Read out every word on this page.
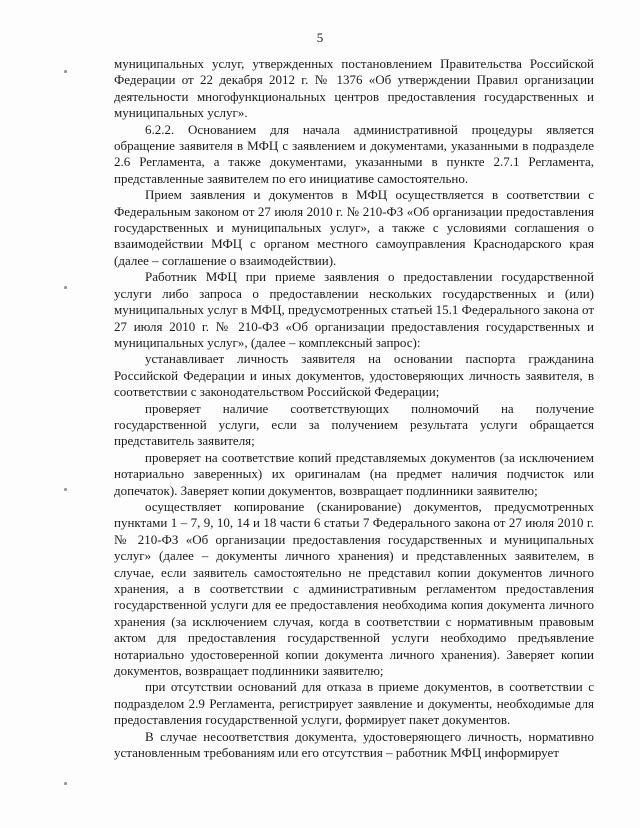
5

муниципальных услуг, утвержденных постановлением Правительства Российской Федерации от 22 декабря 2012 г. № 1376 «Об утверждении Правил организации деятельности многофункциональных центров предоставления государственных и муниципальных услуг».

6.2.2. Основанием для начала административной процедуры является обращение заявителя в МФЦ с заявлением и документами, указанными в подразделе 2.6 Регламента, а также документами, указанными в пункте 2.7.1 Регламента, представленные заявителем по его инициативе самостоятельно.

Прием заявления и документов в МФЦ осуществляется в соответствии с Федеральным законом от 27 июля 2010 г. № 210-ФЗ «Об организации предоставления государственных и муниципальных услуг», а также с условиями соглашения о взаимодействии МФЦ с органом местного самоуправления Краснодарского края (далее – соглашение о взаимодействии).

Работник МФЦ при приеме заявления о предоставлении государственной услуги либо запроса о предоставлении нескольких государственных и (или) муниципальных услуг в МФЦ, предусмотренных статьей 15.1 Федерального закона от 27 июля 2010 г. № 210-ФЗ «Об организации предоставления государственных и муниципальных услуг», (далее – комплексный запрос):

устанавливает личность заявителя на основании паспорта гражданина Российской Федерации и иных документов, удостоверяющих личность заявителя, в соответствии с законодательством Российской Федерации;

проверяет наличие соответствующих полномочий на получение государственной услуги, если за получением результата услуги обращается представитель заявителя;

проверяет на соответствие копий представляемых документов (за исключением нотариально заверенных) их оригиналам (на предмет наличия подчисток или допечаток). Заверяет копии документов, возвращает подлинники заявителю;

осуществляет копирование (сканирование) документов, предусмотренных пунктами 1 – 7, 9, 10, 14 и 18 части 6 статьи 7 Федерального закона от 27 июля 2010 г. № 210-ФЗ «Об организации предоставления государственных и муниципальных услуг» (далее – документы личного хранения) и представленных заявителем, в случае, если заявитель самостоятельно не представил копии документов личного хранения, а в соответствии с административным регламентом предоставления государственной услуги для ее предоставления необходима копия документа личного хранения (за исключением случая, когда в соответствии с нормативным правовым актом для предоставления государственной услуги необходимо предъявление нотариально удостоверенной копии документа личного хранения). Заверяет копии документов, возвращает подлинники заявителю;

при отсутствии оснований для отказа в приеме документов, в соответствии с подразделом 2.9 Регламента, регистрирует заявление и документы, необходимые для предоставления государственной услуги, формирует пакет документов.

В случае несоответствия документа, удостоверяющего личность, нормативно установленным требованиям или его отсутствия – работник МФЦ информирует
